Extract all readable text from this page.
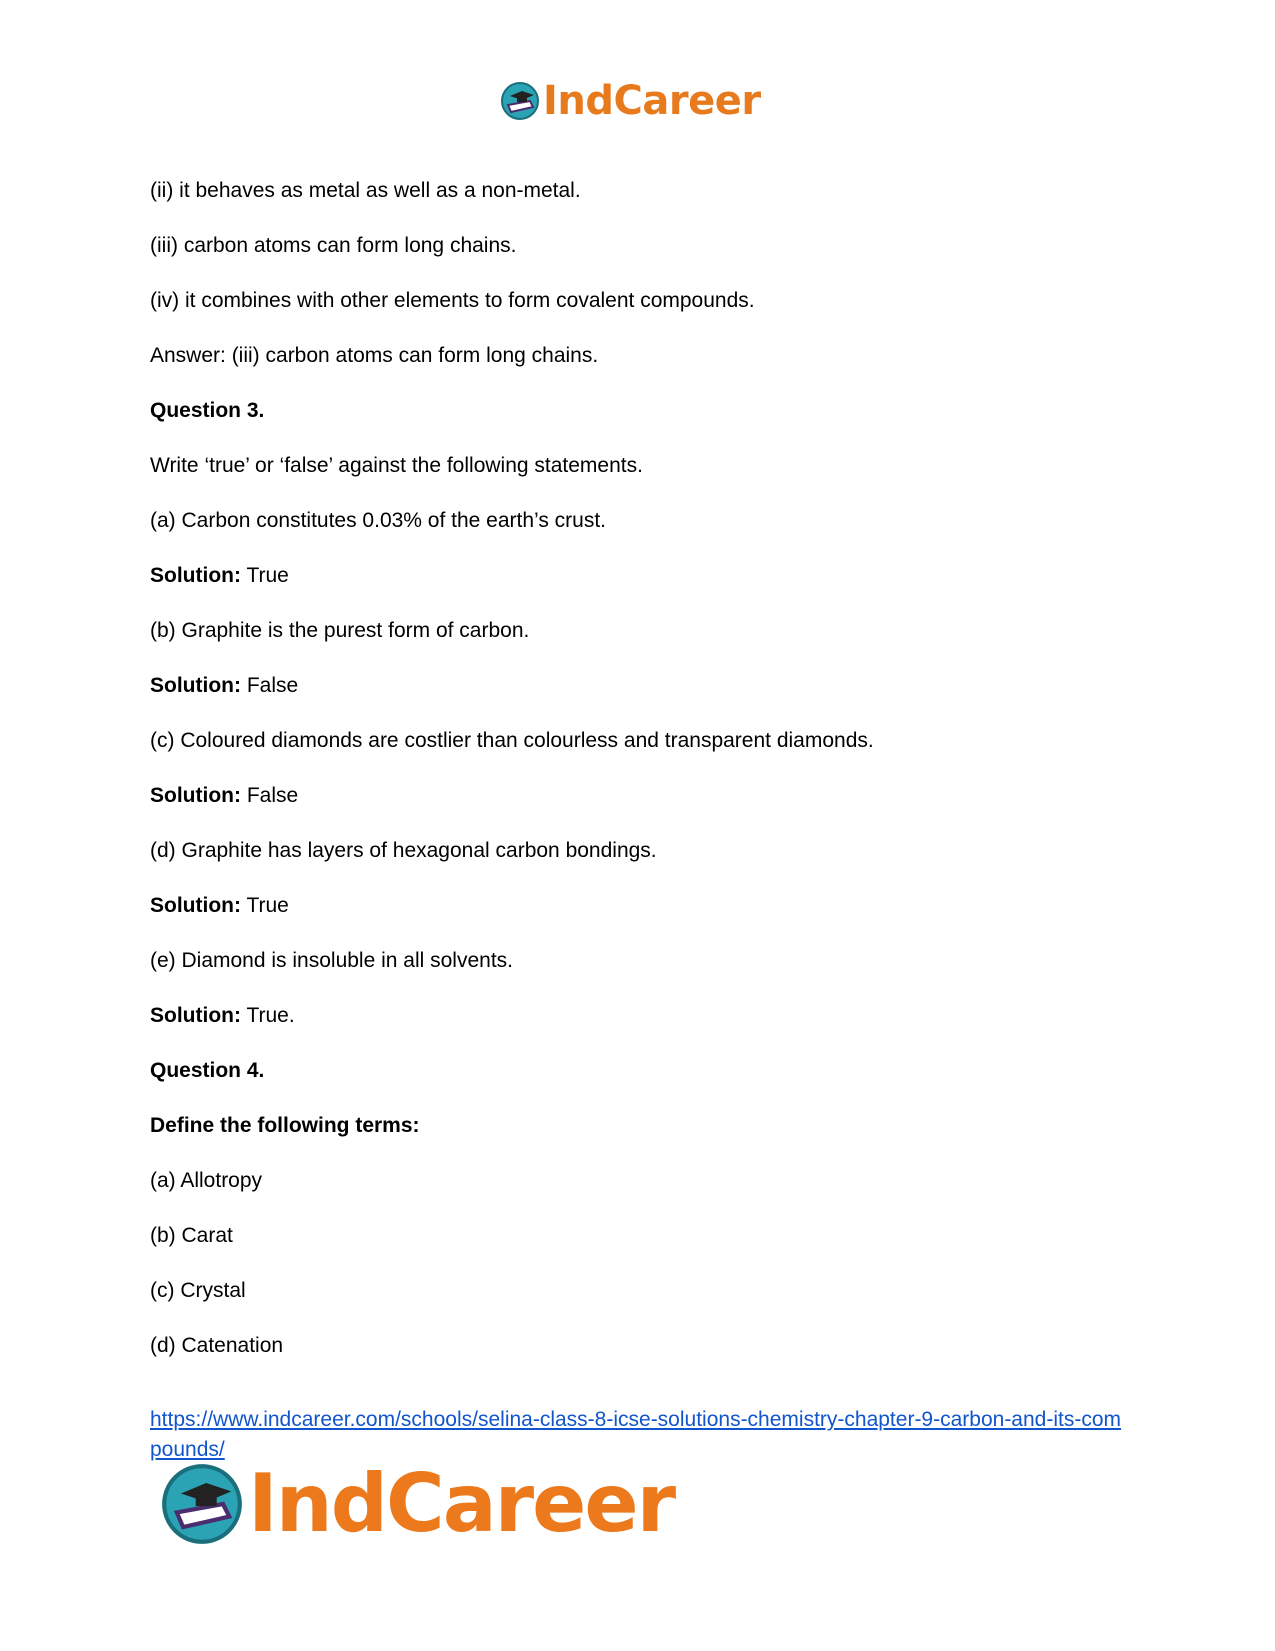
IndCareer
(ii) it behaves as metal as well as a non-metal.
(iii) carbon atoms can form long chains.
(iv) it combines with other elements to form covalent compounds.
Answer: (iii) carbon atoms can form long chains.
Question 3.
Write ‘true’ or ‘false’ against the following statements.
(a) Carbon constitutes 0.03% of the earth’s crust.
Solution: True
(b) Graphite is the purest form of carbon.
Solution: False
(c) Coloured diamonds are costlier than colourless and transparent diamonds.
Solution: False
(d) Graphite has layers of hexagonal carbon bondings.
Solution: True
(e) Diamond is insoluble in all solvents.
Solution: True.
Question 4.
Define the following terms:
(a) Allotropy
(b) Carat
(c) Crystal
(d) Catenation
https://www.indcareer.com/schools/selina-class-8-icse-solutions-chemistry-chapter-9-carbon-and-its-compounds/
IndCareer
